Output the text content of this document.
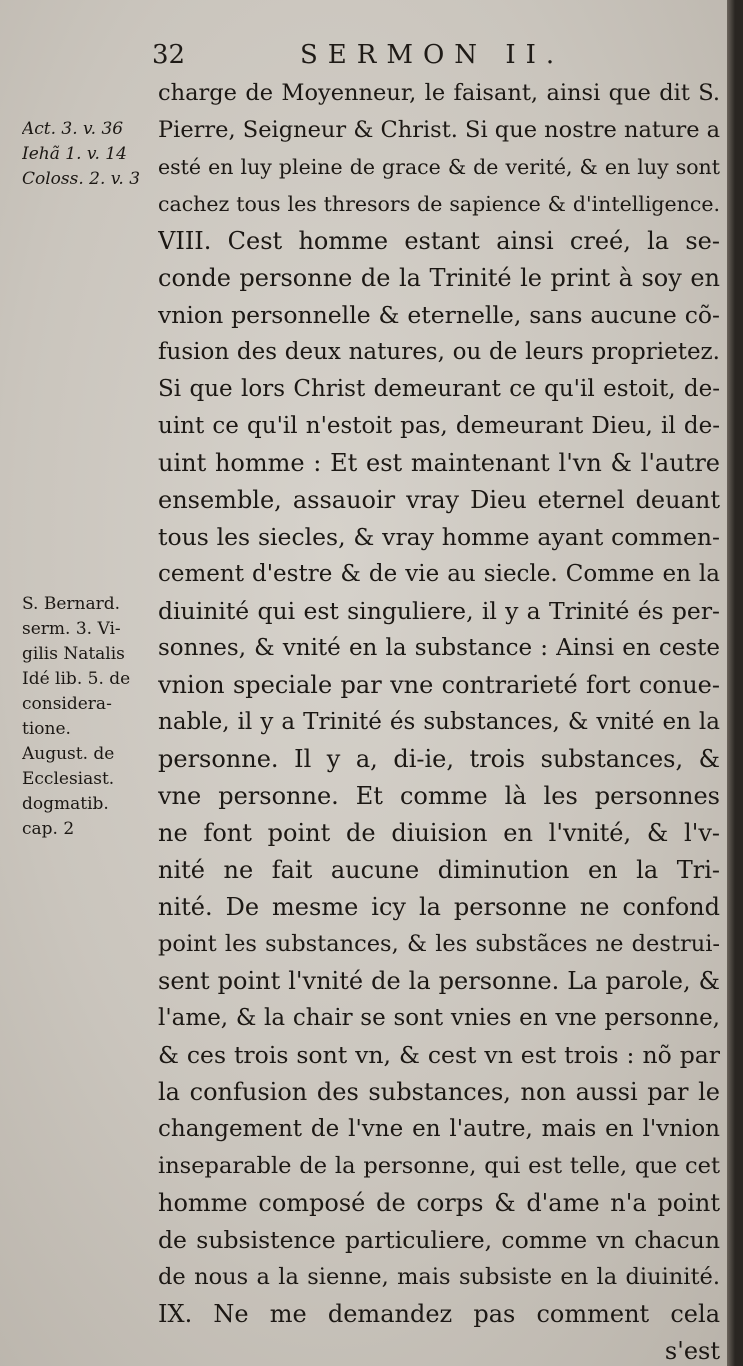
32	SERMON II.
Act. 3. v. 36
Iehã 1. v. 14
Coloss. 2. v. 3
S. Bernard.
serm. 3. Vi-
gilis Natalis
Idé lib. 5. de
considera-
tione.
August. de
Ecclesiast.
dogmatib.
cap. 2
charge de Moyenneur, le faisant, ainsi que dit S.
Pierre, Seigneur & Christ. Si que nostre nature a
esté en luy pleine de grace & de verité, & en luy sont
cachez tous les thresors de sapience & d'intelligence.
VIII. Cest homme estant ainsi creé, la se-
conde personne de la Trinité le print à soy en
vnion personnelle & eternelle, sans aucune cõ-
fusion des deux natures, ou de leurs proprietez.
Si que lors Christ demeurant ce qu'il estoit, de-
uint ce qu'il n'estoit pas, demeurant Dieu, il de-
uint homme : Et est maintenant l'vn & l'autre
ensemble, assauoir vray Dieu eternel deuant
tous les siecles, & vray homme ayant commen-
cement d'estre & de vie au siecle. Comme en la
diuinité qui est singuliere, il y a Trinité és per-
sonnes, & vnité en la substance : Ainsi en ceste
vnion speciale par vne contrarieté fort conue-
nable, il y a Trinité és substances, & vnité en la
personne. Il y a, di-ie, trois substances, &
vne personne. Et comme là les personnes
ne font point de diuision en l'vnité, & l'v-
nité ne fait aucune diminution en la Tri-
nité. De mesme icy la personne ne confond
point les substances, & les substãces ne destrui-
sent point l'vnité de la personne. La parole, &
l'ame, & la chair se sont vnies en vne personne,
& ces trois sont vn, & cest vn est trois : nõ par
la confusion des substances, non aussi par le
changement de l'vne en l'autre, mais en l'vnion
inseparable de la personne, qui est telle, que cet
homme composé de corps & d'ame n'a point
de subsistence particuliere, comme vn chacun
de nous a la sienne, mais subsiste en la diuinité.
IX. Ne me demandez pas comment cela
s'est
